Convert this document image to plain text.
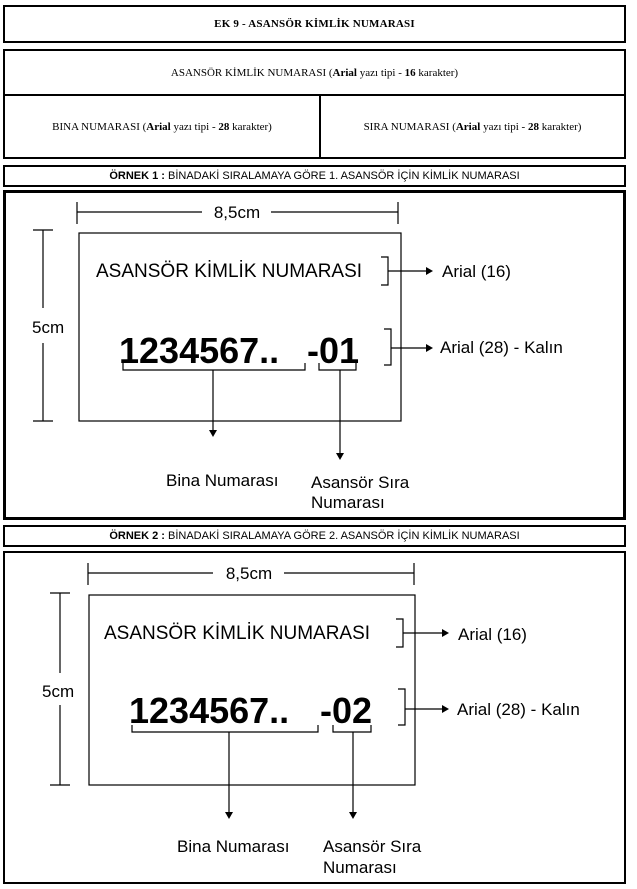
EK 9 - ASANSÖR KİMLİK NUMARASI
ASANSÖR KİMLİK NUMARASI (Arial yazı tipi - 16 karakter)
BINA NUMARASI (Arial yazı tipi - 28 karakter)	SIRA NUMARASI (Arial yazı tipi - 28 karakter)
ÖRNEK 1 : BİNADAKİ SIRALAMAYA GÖRE 1. ASANSÖR İÇİN KİMLİK NUMARASI
8,5cm
5cm
ASANSÖR KİMLİK NUMARASI
1234567.. -01
Bina Numarası Asansör Sıra
Numarası
Arial (16)
Arial (28) - Kalın
ÖRNEK 2 : BİNADAKİ SIRALAMAYA GÖRE 2. ASANSÖR İÇİN KİMLİK NUMARASI
8,5cm
5cm
ASANSÖR KİMLİK NUMARASI
1234567.. -02
Bina Numarası Asansör Sıra
Numarası
Arial (16)
Arial (28) - Kalın
